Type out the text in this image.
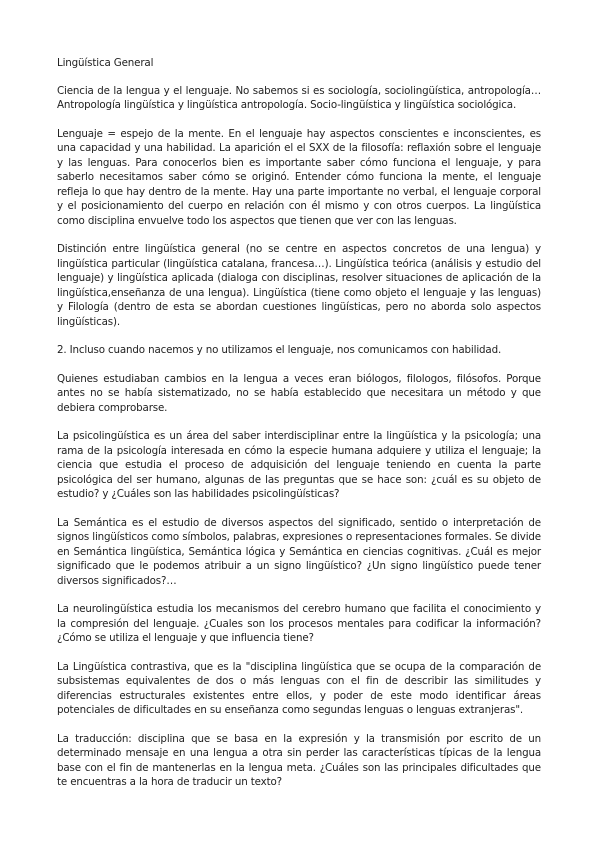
Lingüística General

Ciencia de la lengua y el lenguaje. No sabemos si es sociología, sociolingüística, antropología… Antropología lingüística y lingüística antropología. Socio-lingüística y lingüística sociológica.

Lenguaje = espejo de la mente. En el lenguaje hay aspectos conscientes e inconscientes, es una capacidad y una habilidad. La aparición el el SXX de la filosofía: reflaxión sobre el lenguaje y las lenguas. Para conocerlos bien es importante saber cómo funciona el lenguaje, y para saberlo necesitamos saber cómo se originó. Entender cómo funciona la mente, el lenguaje refleja lo que hay dentro de la mente. Hay una parte importante no verbal, el lenguaje corporal y el posicionamiento del cuerpo en relación con él mismo y con otros cuerpos. La lingüística como disciplina envuelve todo los aspectos que tienen que ver con las lenguas.

Distinción entre lingüística general (no se centre en aspectos concretos de una lengua) y lingüística particular (lingüística catalana, francesa…). Lingüística teórica (análisis y estudio del lenguaje) y lingüística aplicada (dialoga con disciplinas, resolver situaciones de aplicación de la lingüística,enseñanza de una lengua). Lingüística (tiene como objeto el lenguaje y las lenguas) y Filología (dentro de esta se abordan cuestiones lingüísticas, pero no aborda solo aspectos lingüísticas).

2. Incluso cuando nacemos y no utilizamos el lenguaje, nos comunicamos con habilidad.

Quienes estudiaban cambios en la lengua a veces eran biólogos, filologos, filósofos. Porque antes no se había sistematizado, no se había establecido que necesitara un método y que debiera comprobarse.

La psicolingüística es un área del saber interdisciplinar entre la lingüística y la psicología; una rama de la psicología interesada en cómo la especie humana adquiere y utiliza el lenguaje; la ciencia que estudia el proceso de adquisición del lenguaje teniendo en cuenta la parte psicológica del ser humano, algunas de las preguntas que se hace son: ¿cuál es su objeto de estudio? y ¿Cuáles son las habilidades psicolingüísticas?

La Semántica es el estudio de diversos aspectos del significado, sentido o interpretación de signos lingüísticos como símbolos, palabras, expresiones o representaciones formales. Se divide en Semántica lingüística, Semántica lógica y Semántica en ciencias cognitivas. ¿Cuál es mejor significado que le podemos atribuir a un signo lingüístico? ¿Un signo lingüístico puede tener diversos significados?…

La neurolingüística estudia los mecanismos del cerebro humano que facilita el conocimiento y la compresión del lenguaje. ¿Cuales son los procesos mentales para codificar la información? ¿Cómo se utiliza el lenguaje y que influencia tiene?

La Lingüística contrastiva, que es la "disciplina lingüística que se ocupa de la comparación de subsistemas equivalentes de dos o más lenguas con el fin de describir las similitudes y diferencias estructurales existentes entre ellos, y poder de este modo identificar áreas potenciales de dificultades en su enseñanza como segundas lenguas o lenguas extranjeras".

La traducción: disciplina que se basa en la expresión y la transmisión por escrito de un determinado mensaje en una lengua a otra sin perder las características típicas de la lengua base con el fin de mantenerlas en la lengua meta. ¿Cuáles son las principales dificultades que te encuentras a la hora de traducir un texto?
